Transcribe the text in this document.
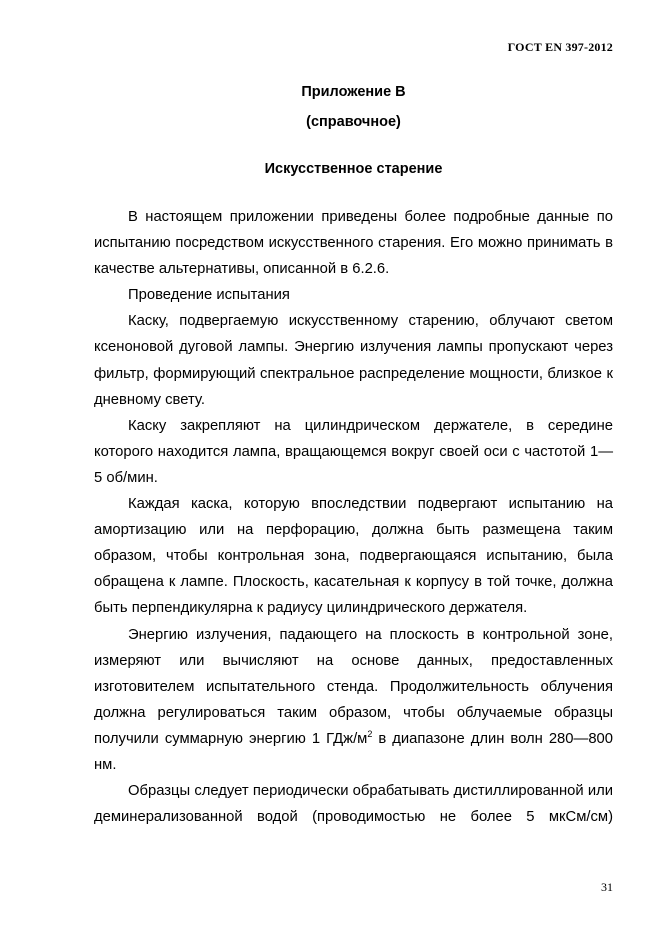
ГОСТ EN 397-2012
Приложение В
(справочное)
Искусственное старение

В настоящем приложении приведены более подробные данные по испытанию посредством искусственного старения. Его можно принимать в качестве альтернативы, описанной в 6.2.6.

Проведение испытания

Каску, подвергаемую искусственному старению, облучают светом ксеноновой дуговой лампы. Энергию излучения лампы пропускают через фильтр, формирующий спектральное распределение мощности, близкое к дневному свету.

Каску закрепляют на цилиндрическом держателе, в середине которого находится лампа, вращающемся вокруг своей оси с частотой 1—5 об/мин.

Каждая каска, которую впоследствии подвергают испытанию на амортизацию или на перфорацию, должна быть размещена таким образом, чтобы контрольная зона, подвергающаяся испытанию, была обращена к лампе. Плоскость, касательная к корпусу в той точке, должна быть перпендикулярна к радиусу цилиндрического держателя.

Энергию излучения, падающего на плоскость в контрольной зоне, измеряют или вычисляют на основе данных, предоставленных изготовителем испытательного стенда. Продолжительность облучения должна регулироваться таким образом, чтобы облучаемые образцы получили суммарную энергию 1 ГДж/$м^2$ в диапазоне длин волн 280—800 нм.

Образцы следует периодически обрабатывать дистиллированной или деминерализованной водой (проводимостью не более 5 мкСм/см)

31
